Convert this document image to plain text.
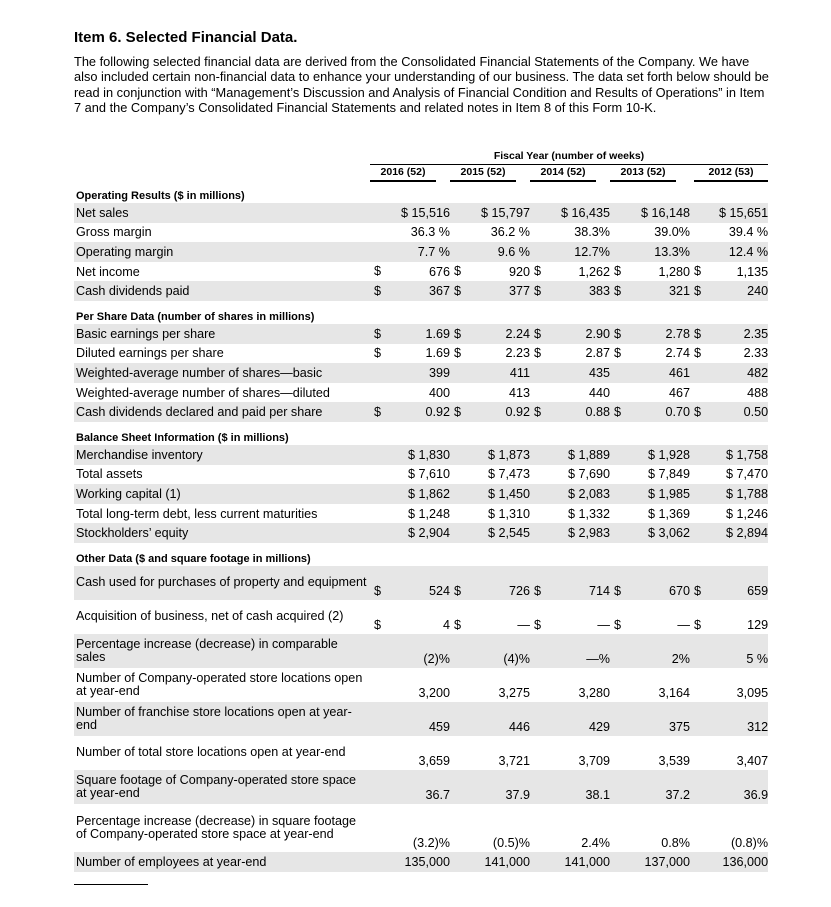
Item 6. Selected Financial Data.

The following selected financial data are derived from the Consolidated Financial Statements of the Company. We have also included certain non-financial data to enhance your understanding of our business. The data set forth below should be read in conjunction with “Management’s Discussion and Analysis of Financial Condition and Results of Operations” in Item 7 and the Company’s Consolidated Financial Statements and related notes in Item 8 of this Form 10-K.

Fiscal Year (number of weeks)
2016 (52)	2015 (52)	2014 (52)	2013 (52)	2012 (53)
Operating Results ($ in millions)					
Net sales	$ 15,516	$ 15,797	$ 16,435	$ 16,148	$ 15,651
Gross margin	36.3 %	36.2 %	38.3%	39.0%	39.4 %
Operating margin	7.7 %	9.6 %	12.7%	13.3%	12.4 %
Net income	$ 676	$ 920	$ 1,262	$ 1,280	$ 1,135
Cash dividends paid	$ 367	$ 377	$ 383	$ 321	$ 240
Per Share Data (number of shares in millions)					
Basic earnings per share	$ 1.69	$ 2.24	$ 2.90	$ 2.78	$ 2.35
Diluted earnings per share	$ 1.69	$ 2.23	$ 2.87	$ 2.74	$ 2.33
Weighted-average number of shares—basic	399	411	435	461	482
Weighted-average number of shares—diluted	400	413	440	467	488
Cash dividends declared and paid per share	$ 0.92	$ 0.92	$ 0.88	$ 0.70	$ 0.50
Balance Sheet Information ($ in millions)					
Merchandise inventory	$ 1,830	$ 1,873	$ 1,889	$ 1,928	$ 1,758
Total assets	$ 7,610	$ 7,473	$ 7,690	$ 7,849	$ 7,470
Working capital (1)	$ 1,862	$ 1,450	$ 2,083	$ 1,985	$ 1,788
Total long-term debt, less current maturities	$ 1,248	$ 1,310	$ 1,332	$ 1,369	$ 1,246
Stockholders’ equity	$ 2,904	$ 2,545	$ 2,983	$ 3,062	$ 2,894
Other Data ($ and square footage in millions)					
Cash used for purchases of property and equipment	$ 524	$ 726	$ 714	$ 670	$ 659
Acquisition of business, net of cash acquired (2)	$ 4	$ —	$ —	$ —	$ 129
Percentage increase (decrease) in comparable sales	(2)%	(4)%	—%	2%	5 %
Number of Company-operated store locations open at year-end	3,200	3,275	3,280	3,164	3,095
Number of franchise store locations open at year-end	459	446	429	375	312
Number of total store locations open at year-end	3,659	3,721	3,709	3,539	3,407
Square footage of Company-operated store space at year-end	36.7	37.9	38.1	37.2	36.9
Percentage increase (decrease) in square footage of Company-operated store space at year-end	(3.2)%	(0.5)%	2.4%	0.8%	(0.8)%
Number of employees at year-end	135,000	141,000	141,000	137,000	136,000
